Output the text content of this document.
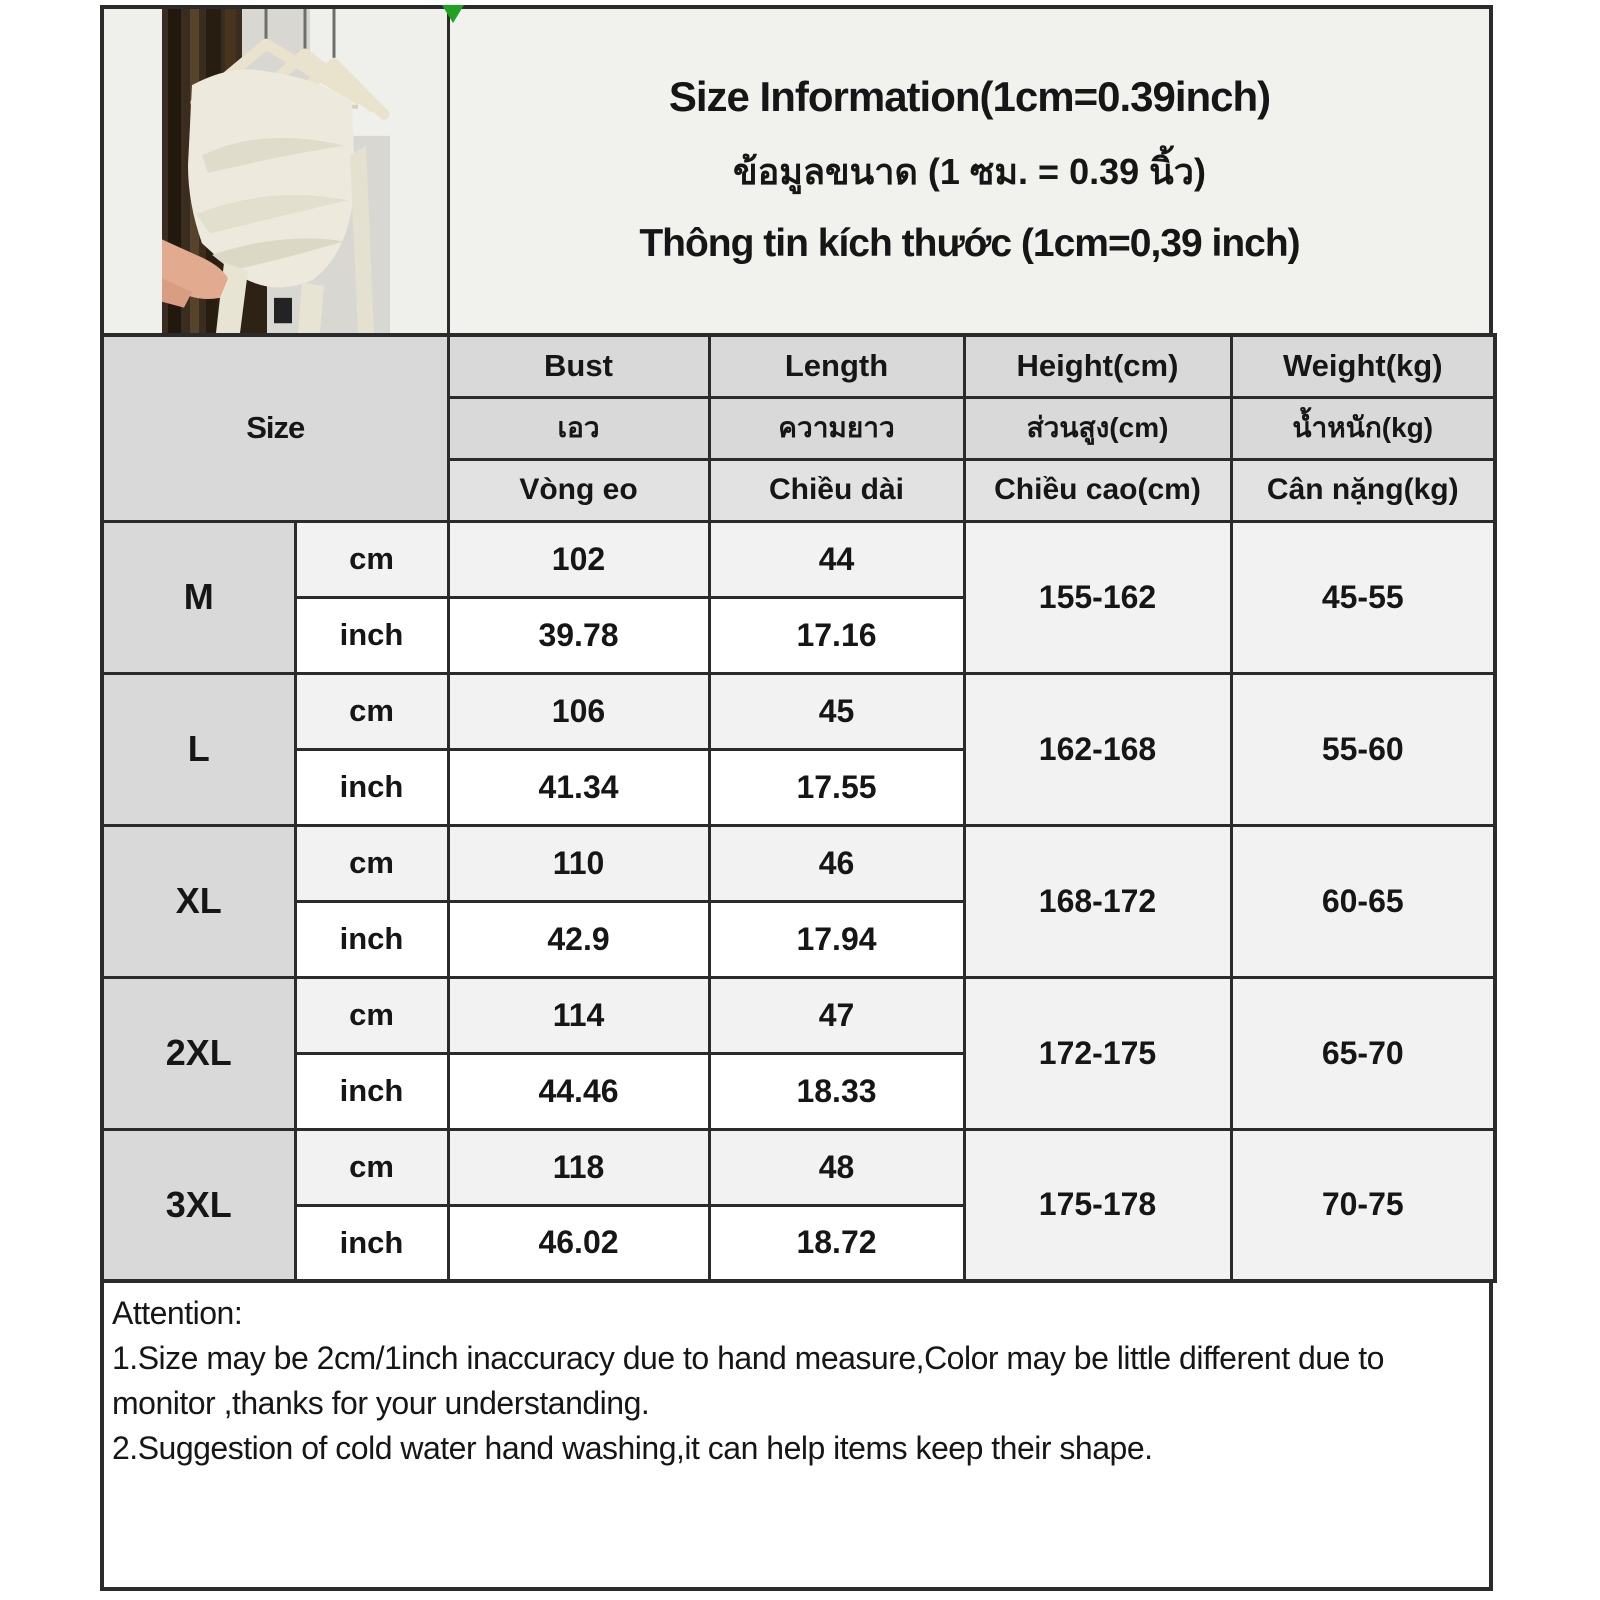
Size Information(1cm=0.39inch)
ข้อมูลขนาด (1 ซม. = 0.39 นิ้ว)
Thông tin kích thước (1cm=0,39 inch)
Size		Bust	Length	Height(cm)	Weight(kg)
		เอว	ความยาว	ส่วนสูง(cm)	น้ำหนัก(kg)
		Vòng eo	Chiều dài	Chiều cao(cm)	Cân nặng(kg)
M	cm	102	44	155-162	45-55
	inch	39.78	17.16		
L	cm	106	45	162-168	55-60
	inch	41.34	17.55		
XL	cm	110	46	168-172	60-65
	inch	42.9	17.94		
2XL	cm	114	47	172-175	65-70
	inch	44.46	18.33		
3XL	cm	118	48	175-178	70-75
	inch	46.02	18.72		
Attention:
1.Size may be 2cm/1inch inaccuracy due to hand measure,Color may be little different due to monitor ,thanks for your understanding.
2.Suggestion of cold water hand washing,it can help items keep their shape.
